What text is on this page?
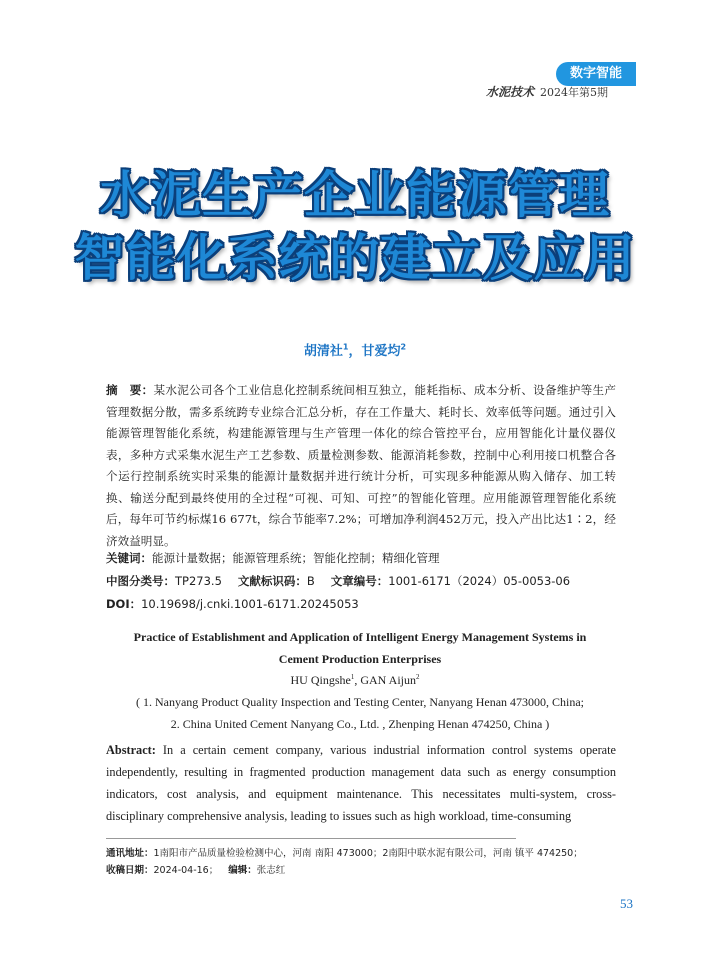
数字智能
水泥技术 2024年第5期
水泥生产企业能源管理
智能化系统的建立及应用
胡清社$^1$，甘爱均$^2$
摘　要：某水泥公司各个工业信息化控制系统间相互独立，能耗指标、成本分析、设备维护等生产管理数据分散，需多系统跨专业综合汇总分析，存在工作量大、耗时长、效率低等问题。通过引入能源管理智能化系统，构建能源管理与生产管理一体化的综合管控平台，应用智能化计量仪器仪表，多种方式采集水泥生产工艺参数、质量检测参数、能源消耗参数，控制中心利用接口机整合各个运行控制系统实时采集的能源计量数据并进行统计分析，可实现多种能源从购入储存、加工转换、输送分配到最终使用的全过程“可视、可知、可控”的智能化管理。应用能源管理智能化系统后，每年可节约标煤16 677t，综合节能率7.2%；可增加净利润452万元，投入产出比达1∶2，经济效益明显。
关键词：能源计量数据；能源管理系统；智能化控制；精细化管理
中图分类号：TP273.5 文献标识码：B 文章编号：1001-6171（2024）05-0053-06
DOI：10.19698/j.cnki.1001-6171.20245053
Practice of Establishment and Application of Intelligent Energy Management Systems in
Cement Production Enterprises
HU Qingshe$^1$, GAN Aijun$^2$
( 1. Nanyang Product Quality Inspection and Testing Center, Nanyang Henan 473000, China;
2. China United Cement Nanyang Co., Ltd. , Zhenping Henan 474250, China )
Abstract: In a certain cement company, various industrial information control systems operate independently, resulting in fragmented production management data such as energy consumption indicators, cost analysis, and equipment maintenance. This necessitates multi-system, cross-disciplinary comprehensive analysis, leading to issues such as high workload, time-consuming
通讯地址：1南阳市产品质量检验检测中心，河南 南阳 473000；2南阳中联水泥有限公司，河南 镇平 474250；
收稿日期：2024-04-16； 编辑：张志红
53
